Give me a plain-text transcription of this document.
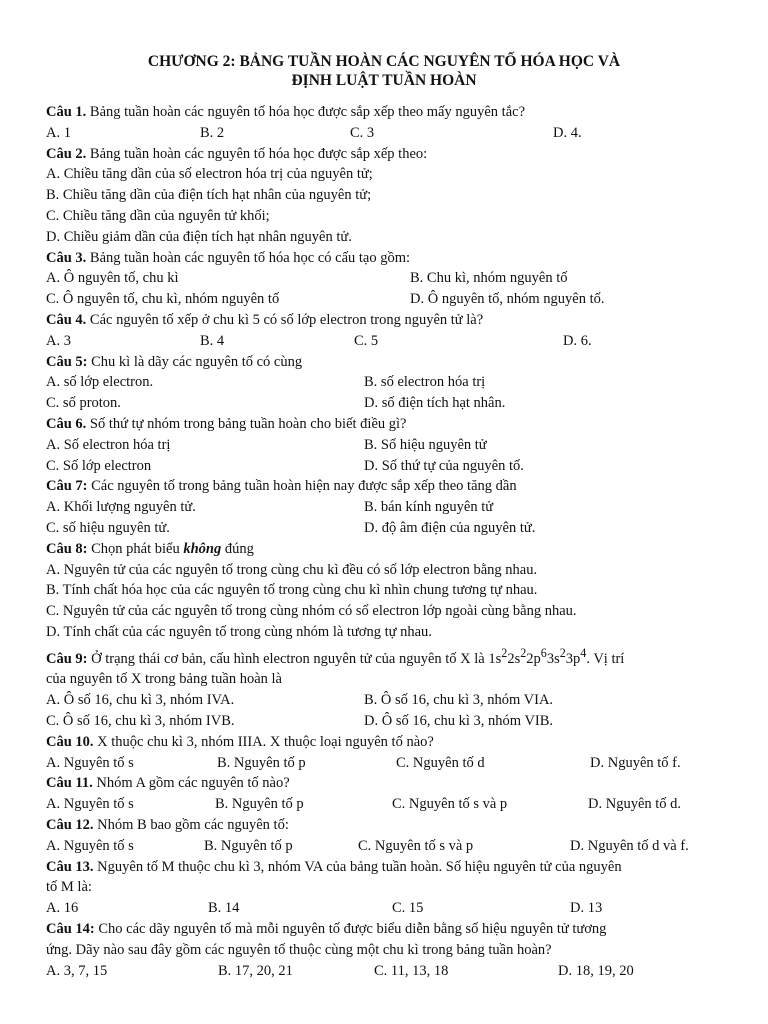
CHƯƠNG 2: BẢNG TUẦN HOÀN CÁC NGUYÊN TỐ HÓA HỌC VÀ
ĐỊNH LUẬT TUẦN HOÀN
Câu 1. Bảng tuần hoàn các nguyên tố hóa học được sắp xếp theo mấy nguyên tắc?
A. 1	B. 2	C. 3	D. 4.
Câu 2. Bảng tuần hoàn các nguyên tố hóa học được sắp xếp theo:
A. Chiều tăng dần của số electron hóa trị của nguyên tử;
B. Chiều tăng dần của điện tích hạt nhân của nguyên tử;
C. Chiều tăng dần của nguyên tử khối;
D. Chiều giảm dần của điện tích hạt nhân nguyên tử.
Câu 3. Bảng tuần hoàn các nguyên tố hóa học có cấu tạo gồm:
A. Ô nguyên tố, chu kì	B. Chu kì, nhóm nguyên tố
C. Ô nguyên tố, chu kì, nhóm nguyên tố	D. Ô nguyên tố, nhóm nguyên tố.
Câu 4. Các nguyên tố xếp ở chu kì 5 có số lớp electron trong nguyên tử là?
A. 3	B. 4	C. 5	D. 6.
Câu 5: Chu kì là dãy các nguyên tố có cùng
A. số lớp electron.	B. số electron hóa trị
C. số proton.	D. số điện tích hạt nhân.
Câu 6. Số thứ tự nhóm trong bảng tuần hoàn cho biết điều gì?
A. Số electron hóa trị	B. Số hiệu nguyên tử
C. Số lớp electron	D. Số thứ tự của nguyên tố.
Câu 7: Các nguyên tố trong bảng tuần hoàn hiện nay được sắp xếp theo tăng dần
A. Khối lượng nguyên tử.	B. bán kính nguyên tử
C. số hiệu nguyên tử.	D. độ âm điện của nguyên tử.
Câu 8: Chọn phát biểu không đúng
A. Nguyên tử của các nguyên tố trong cùng chu kì đều có số lớp electron bằng nhau.
B. Tính chất hóa học của các nguyên tố trong cùng chu kì nhìn chung tương tự nhau.
C. Nguyên tử của các nguyên tố trong cùng nhóm có số electron lớp ngoài cùng bằng nhau.
D. Tính chất của các nguyên tố trong cùng nhóm là tương tự nhau.
Câu 9: Ở trạng thái cơ bản, cấu hình electron nguyên tử của nguyên tố X là $1s^22s^22p^63s^23p^4$. Vị trí
của nguyên tố X trong bảng tuần hoàn là
A. Ô số 16, chu kì 3, nhóm IVA.	B. Ô số 16, chu kì 3, nhóm VIA.
C. Ô số 16, chu kì 3, nhóm IVB.	D. Ô số 16, chu kì 3, nhóm VIB.
Câu 10. X thuộc chu kì 3, nhóm IIIA. X thuộc loại nguyên tố nào?
A. Nguyên tố s	B. Nguyên tố p	C. Nguyên tố d	D. Nguyên tố f.
Câu 11. Nhóm A gồm các nguyên tố nào?
A. Nguyên tố s	B. Nguyên tố p	C. Nguyên tố s và p	D. Nguyên tố d.
Câu 12. Nhóm B bao gồm các nguyên tố:
A. Nguyên tố s	B. Nguyên tố p	C. Nguyên tố s và p	D. Nguyên tố d và f.
Câu 13. Nguyên tố M thuộc chu kì 3, nhóm VA của bảng tuần hoàn. Số hiệu nguyên tử của nguyên
tố M là:
A. 16	B. 14	C. 15	D. 13
Câu 14: Cho các dãy nguyên tố mà mỗi nguyên tố được biểu diễn bằng số hiệu nguyên tử tương
ứng. Dãy nào sau đây gồm các nguyên tố thuộc cùng một chu kì trong bảng tuần hoàn?
A. 3, 7, 15	B. 17, 20, 21	C. 11, 13, 18	D. 18, 19, 20
